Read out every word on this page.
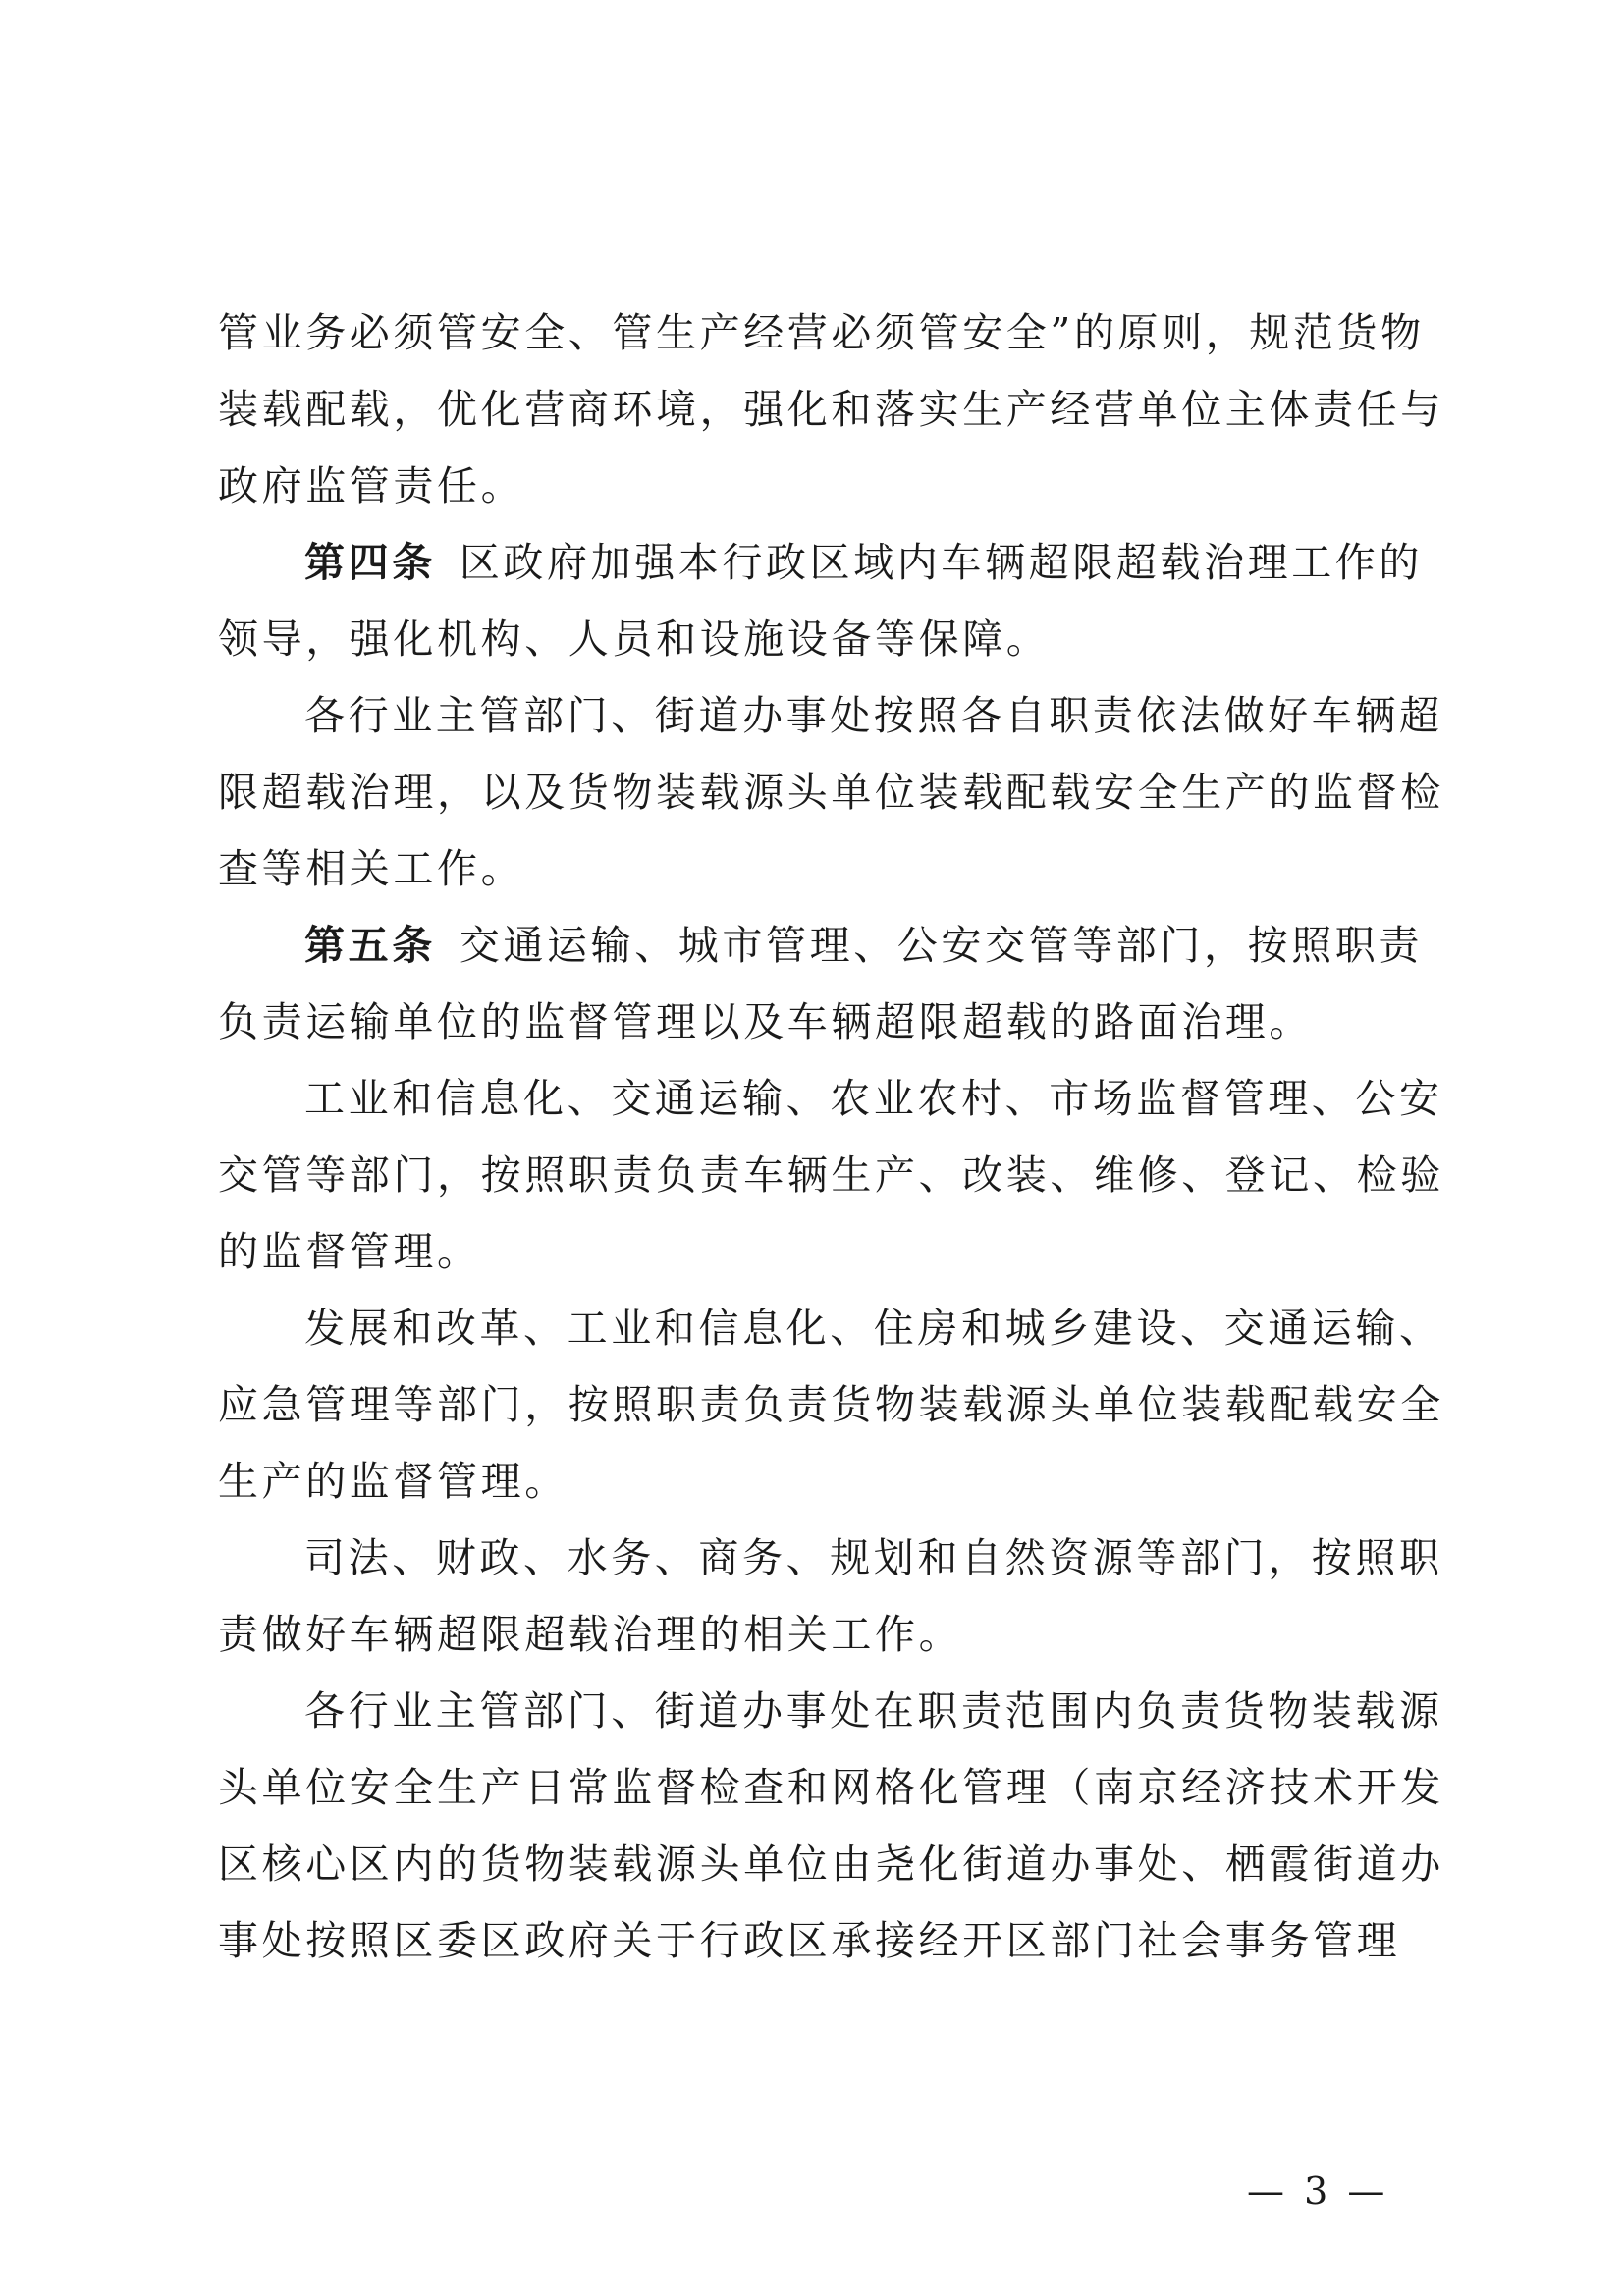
管业务必须管安全、管生产经营必须管安全”的原则，规范货物
装载配载，优化营商环境，强化和落实生产经营单位主体责任与
政府监管责任。
第四条 区政府加强本行政区域内车辆超限超载治理工作的
领导，强化机构、人员和设施设备等保障。
各行业主管部门、街道办事处按照各自职责依法做好车辆超
限超载治理，以及货物装载源头单位装载配载安全生产的监督检
查等相关工作。
第五条 交通运输、城市管理、公安交管等部门，按照职责
负责运输单位的监督管理以及车辆超限超载的路面治理。
工业和信息化、交通运输、农业农村、市场监督管理、公安
交管等部门，按照职责负责车辆生产、改装、维修、登记、检验
的监督管理。
发展和改革、工业和信息化、住房和城乡建设、交通运输、
应急管理等部门，按照职责负责货物装载源头单位装载配载安全
生产的监督管理。
司法、财政、水务、商务、规划和自然资源等部门，按照职
责做好车辆超限超载治理的相关工作。
各行业主管部门、街道办事处在职责范围内负责货物装载源
头单位安全生产日常监督检查和网格化管理（南京经济技术开发
区核心区内的货物装载源头单位由尧化街道办事处、栖霞街道办
事处按照区委区政府关于行政区承接经开区部门社会事务管理
— 3 —
